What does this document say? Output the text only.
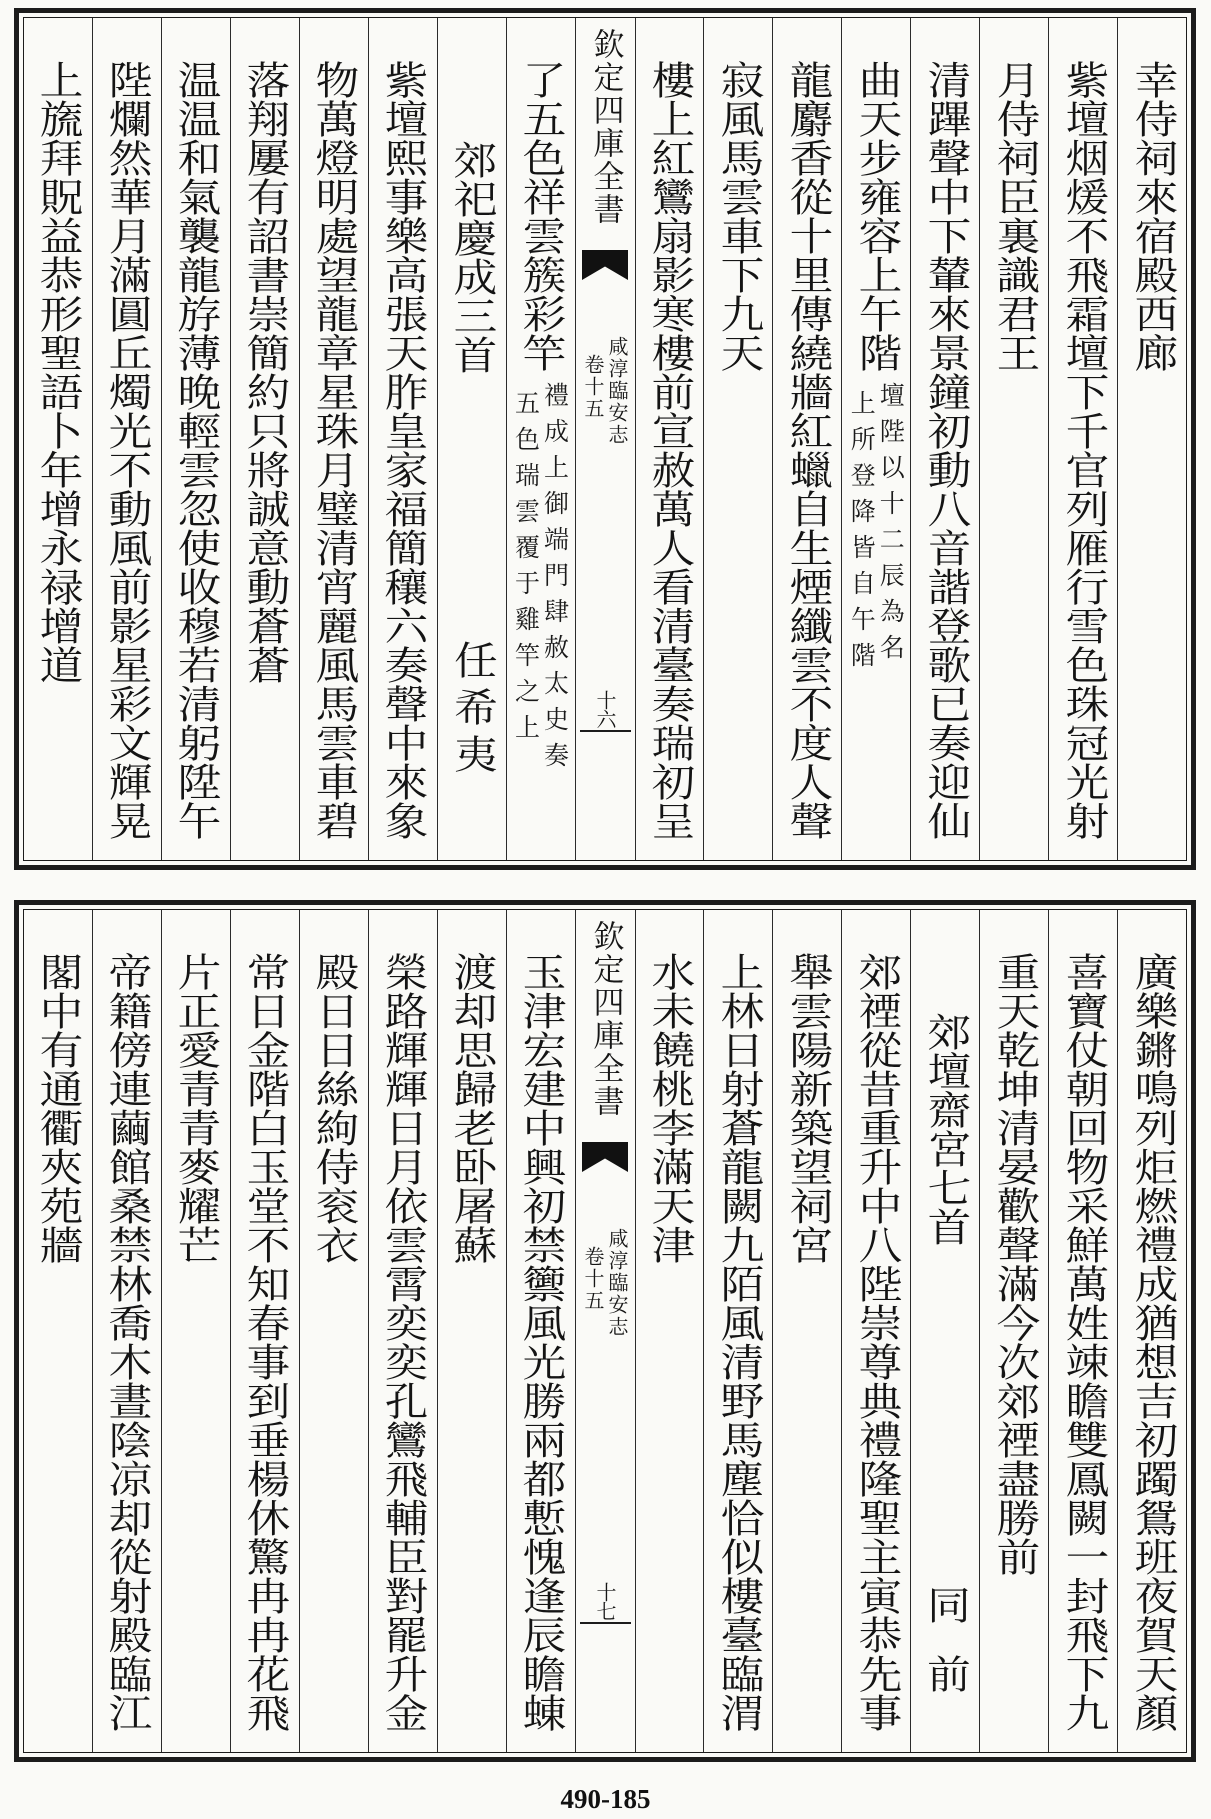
幸侍祠來宿殿西廊
紫壇烟煖不飛霜壇下千官列雁行雪色珠冠光射
月侍祠臣裏識君王
清蹕聲中下輦來景鐘初動八音諧登歌已奏迎仙
曲天步雍容上午階
壇陛以十二辰為名
上所登降皆自午階
龍麝香從十里傳繞牆紅蠟自生煙纖雲不度人聲
寂風馬雲車下九天
樓上紅鸞扇影寒樓前宣赦萬人看清臺奏瑞初呈
欽定四庫全書
咸淳臨安志
卷十五
十六
了五色祥雲簇彩竿
禮成上御端門肆赦太史奏
五色瑞雲覆于雞竿之上
郊祀慶成三首
任希夷
紫壇熙事樂高張天胙皇家福簡穰六奏聲中來象
物萬燈明處望龍章星珠月璧清宵麗風馬雲車碧
落翔屢有詔書崇簡約只將誠意動蒼蒼
温温和氣襲龍斿薄晚輕雲忽使收穆若清躬陞午
陛爛然華月滿圓丘燭光不動風前影星彩文輝晃
上旒拜貺益恭形聖語卜年增永禄增道
廣樂鏘鳴列炬燃禮成猶想吉初躅鴛班夜賀天顏
喜寶仗朝回物采鮮萬姓竦瞻雙鳳闕一封飛下九
重天乾坤清晏歡聲滿今次郊禋盡勝前
郊壇齋宮七首
同前
郊禋從昔重升中八陛崇尊典禮隆聖主寅恭先事
舉雲陽新築望祠宮
上林日射蒼龍闕九陌風清野馬塵恰似樓臺臨渭
水未饒桃李滿天津
欽定四庫全書
咸淳臨安志
卷十五
十七
玉津宏建中興初禁籞風光勝兩都慙愧逢辰瞻蝀
渡却思歸老卧屠蘇
榮路輝輝日月依雲霄奕奕孔鸞飛輔臣對罷升金
殿日日絲絇侍衮衣
常日金階白玉堂不知春事到垂楊休驚冉冉花飛
片正愛青青麥耀芒
帝籍傍連繭館桑禁林喬木晝陰凉却從射殿臨江
閣中有通衢夾苑牆
490-185
